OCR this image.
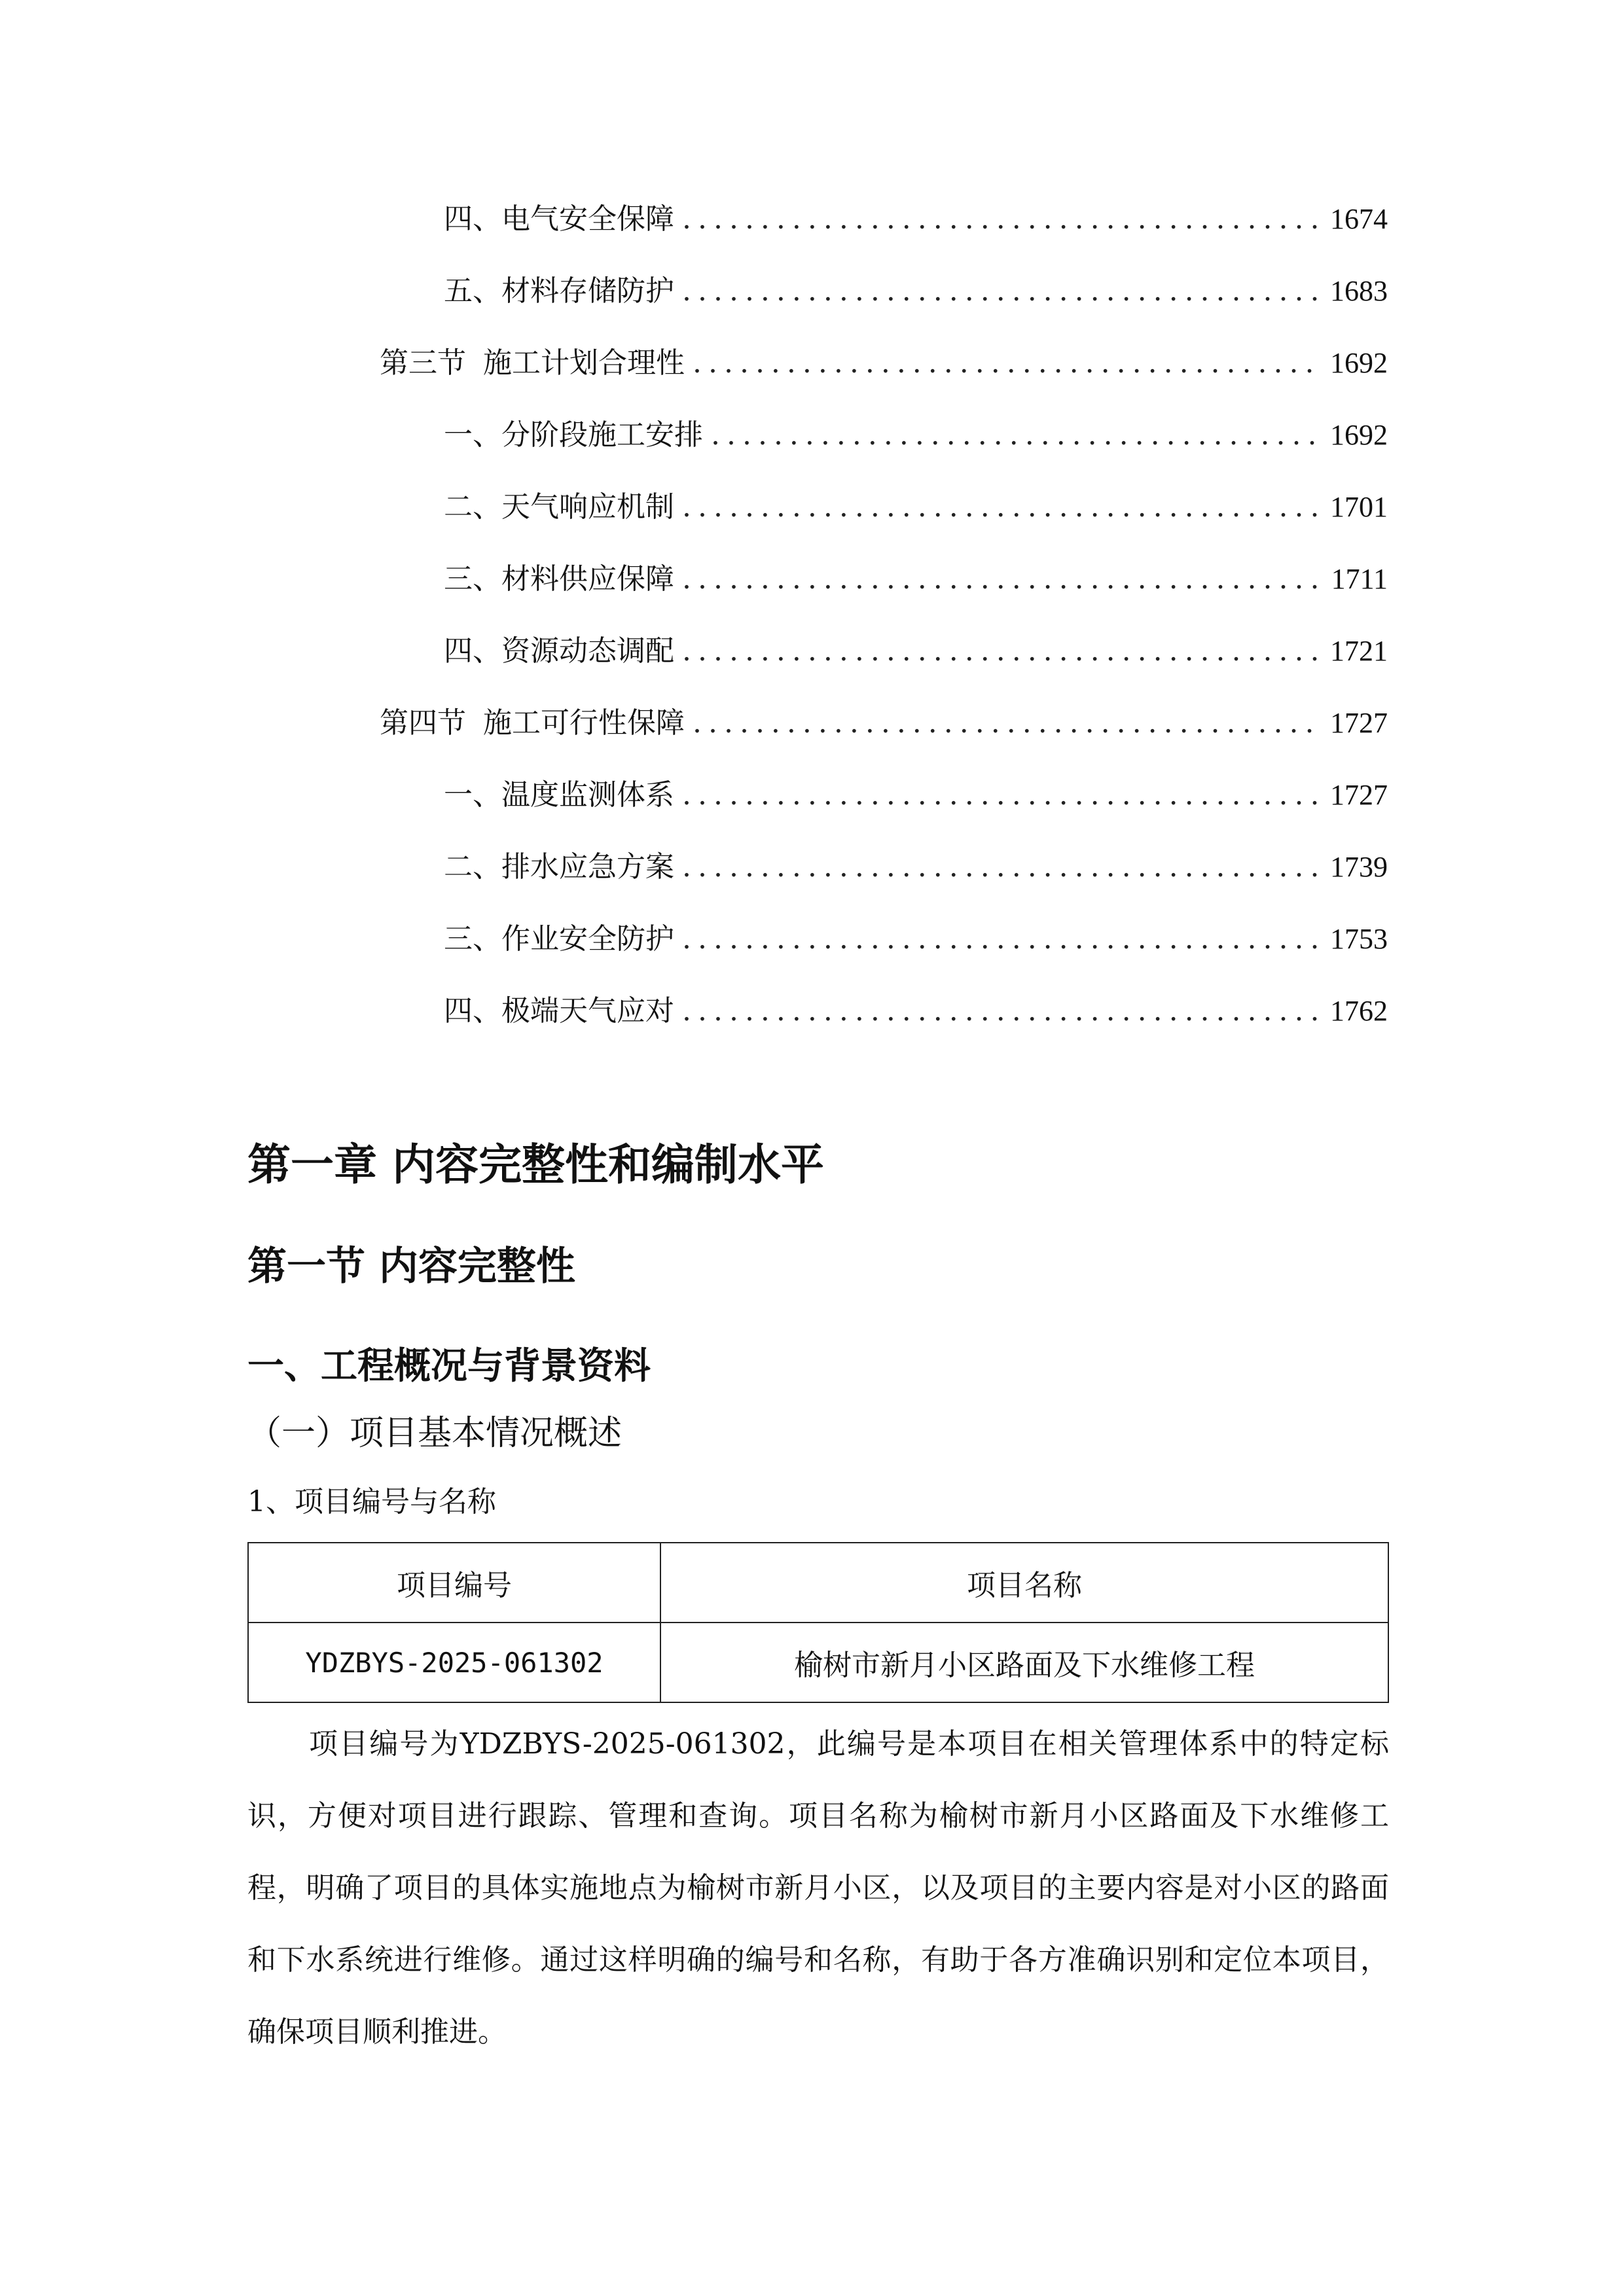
四、 电气安全保障 .....	1674
五、 材料存储防护 .....	1683
第三节 施工计划合理性 .....	1692
一、 分阶段施工安排 .....	1692
二、 天气响应机制 .....	1701
三、 材料供应保障 .....	1711
四、 资源动态调配 .....	1721
第四节 施工可行性保障 .....	1727
一、 温度监测体系 .....	1727
二、 排水应急方案 .....	1739
三、 作业安全防护 .....	1753
四、 极端天气应对 .....	1762
第一章 内容完整性和编制水平
第一节 内容完整性
一、工程概况与背景资料
（一）项目基本情况概述
1、项目编号与名称
项目编号	项目名称
YDZBYS-2025-061302	榆树市新月小区路面及下水维修工程

项目编号为YDZBYS-2025-061302，此编号是本项目在相关管理体系中的特定标识，方便对项目进行跟踪、管理和查询。项目名称为榆树市新月小区路面及下水维修工程，明确了项目的具体实施地点为榆树市新月小区，以及项目的主要内容是对小区的路面和下水系统进行维修。通过这样明确的编号和名称，有助于各方准确识别和定位本项目，确保项目顺利推进。
